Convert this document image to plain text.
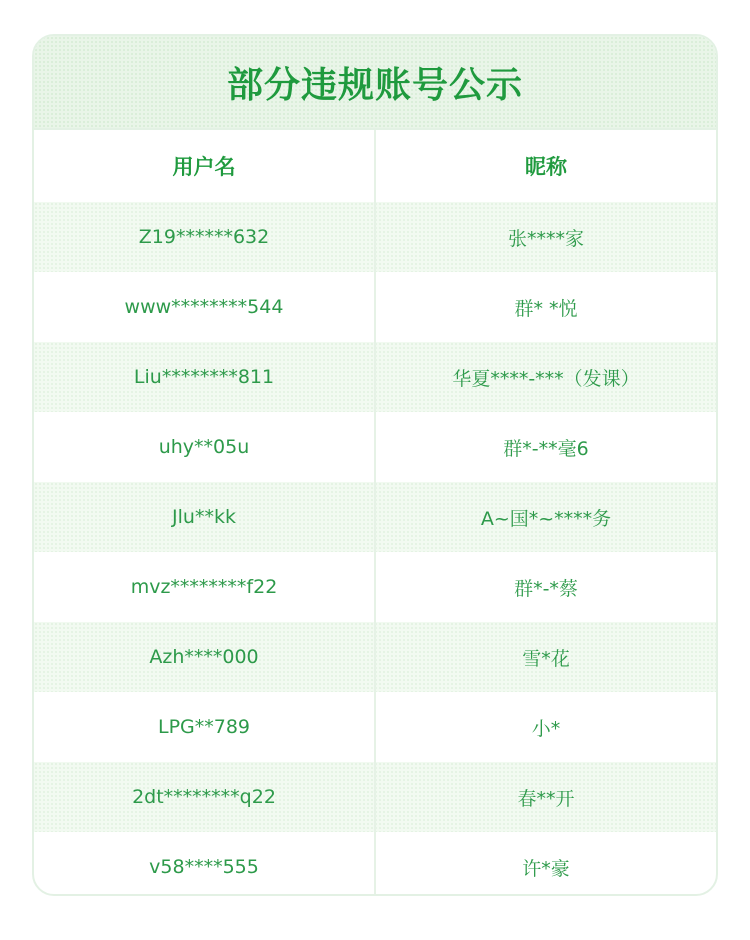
部分违规账号公示
用户名	昵称
Z19******632	张****家
www********544	群* *悦
Liu********811	华夏****-***（发课）
uhy**05u	群*-**毫6
Jlu**kk	A~国*~****务
mvz********f22	群*-*蔡
Azh****000	雪*花
LPG**789	小*
2dt********q22	春**开
v58****555	许*豪
